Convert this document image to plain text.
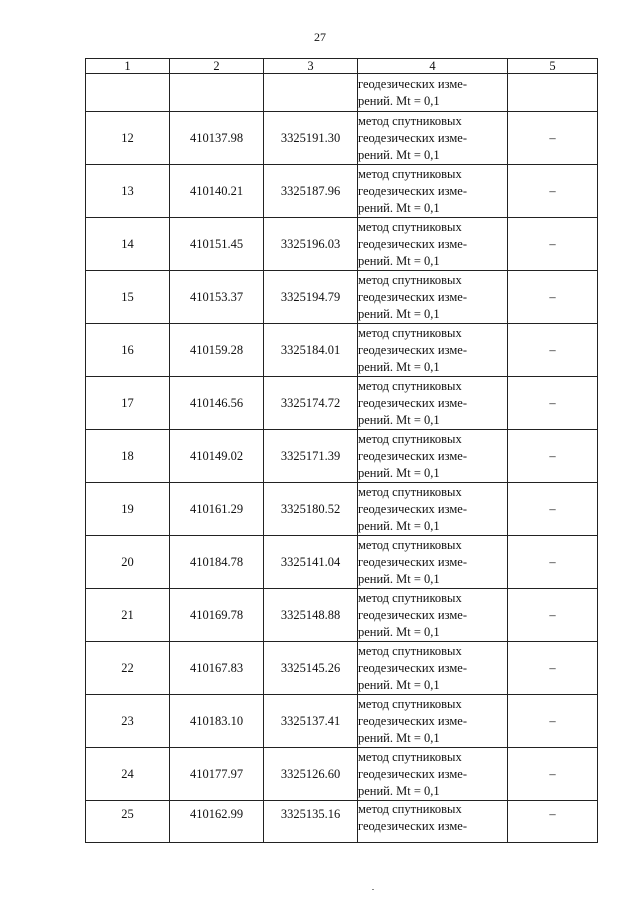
27
1	2	3	4	5
			геодезических изме-
рений. Mt = 0,1	
12	410137.98	3325191.30	метод спутниковых
геодезических изме-
рений. Mt = 0,1	–
13	410140.21	3325187.96	метод спутниковых
геодезических изме-
рений. Mt = 0,1	–
14	410151.45	3325196.03	метод спутниковых
геодезических изме-
рений. Mt = 0,1	–
15	410153.37	3325194.79	метод спутниковых
геодезических изме-
рений. Mt = 0,1	–
16	410159.28	3325184.01	метод спутниковых
геодезических изме-
рений. Mt = 0,1	–
17	410146.56	3325174.72	метод спутниковых
геодезических изме-
рений. Mt = 0,1	–
18	410149.02	3325171.39	метод спутниковых
геодезических изме-
рений. Mt = 0,1	–
19	410161.29	3325180.52	метод спутниковых
геодезических изме-
рений. Mt = 0,1	–
20	410184.78	3325141.04	метод спутниковых
геодезических изме-
рений. Mt = 0,1	–
21	410169.78	3325148.88	метод спутниковых
геодезических изме-
рений. Mt = 0,1	–
22	410167.83	3325145.26	метод спутниковых
геодезических изме-
рений. Mt = 0,1	–
23	410183.10	3325137.41	метод спутниковых
геодезических изме-
рений. Mt = 0,1	–
24	410177.97	3325126.60	метод спутниковых
геодезических изме-
рений. Mt = 0,1	–
25	410162.99	3325135.16	метод спутниковых
геодезических изме-	–
